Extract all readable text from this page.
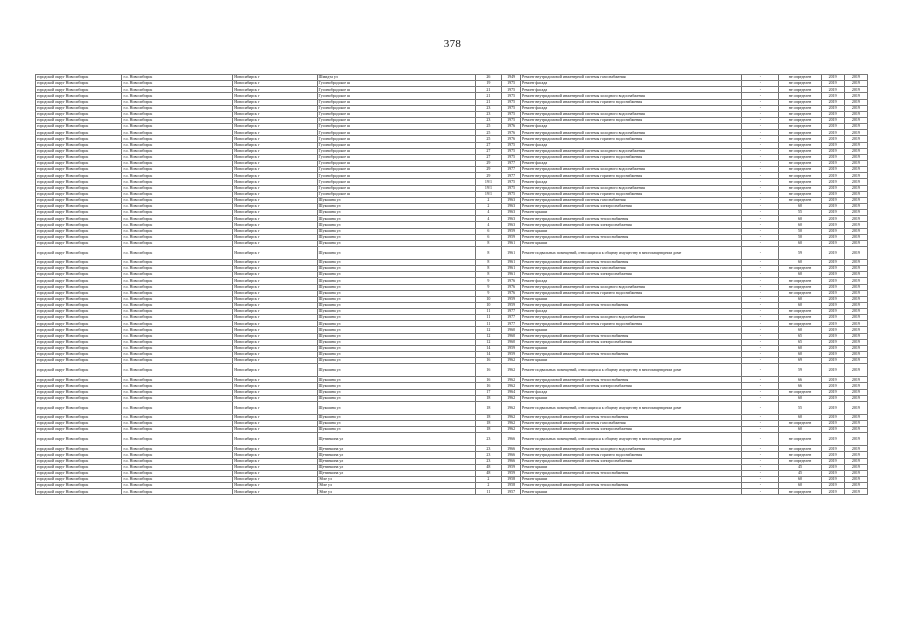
378
городской округ Новосибирск	г.о. Новосибирск	Новосибирск г	Шмидта ул	26	1949	Ремонт внутридомовой инженерной системы газоснабжения	-	не определен	2019	2019
городской округ Новосибирск	г.о. Новосибирск	Новосибирск г	Гусинобродское ш	19	1975	Ремонт фасада	-	не определен	2019	2019
городской округ Новосибирск	г.о. Новосибирск	Новосибирск г	Гусинобродское ш	21	1975	Ремонт фасада	-	не определен	2019	2019
городской округ Новосибирск	г.о. Новосибирск	Новосибирск г	Гусинобродское ш	21	1975	Ремонт внутридомовой инженерной системы холодного водоснабжения	-	не определен	2019	2019
городской округ Новосибирск	г.о. Новосибирск	Новосибирск г	Гусинобродское ш	21	1975	Ремонт внутридомовой инженерной системы горячего водоснабжения	-	не определен	2019	2019
городской округ Новосибирск	г.о. Новосибирск	Новосибирск г	Гусинобродское ш	23	1975	Ремонт фасада	-	не определен	2019	2019
городской округ Новосибирск	г.о. Новосибирск	Новосибирск г	Гусинобродское ш	23	1975	Ремонт внутридомовой инженерной системы холодного водоснабжения	-	не определен	2019	2019
городской округ Новосибирск	г.о. Новосибирск	Новосибирск г	Гусинобродское ш	23	1975	Ремонт внутридомовой инженерной системы горячего водоснабжения	-	не определен	2019	2019
городской округ Новосибирск	г.о. Новосибирск	Новосибирск г	Гусинобродское ш	25	1976	Ремонт фасада	-	не определен	2019	2019
городской округ Новосибирск	г.о. Новосибирск	Новосибирск г	Гусинобродское ш	25	1976	Ремонт внутридомовой инженерной системы холодного водоснабжения	-	не определен	2019	2019
городской округ Новосибирск	г.о. Новосибирск	Новосибирск г	Гусинобродское ш	25	1976	Ремонт внутридомовой инженерной системы горячего водоснабжения	-	не определен	2019	2019
городской округ Новосибирск	г.о. Новосибирск	Новосибирск г	Гусинобродское ш	27	1975	Ремонт фасада	-	не определен	2019	2019
городской округ Новосибирск	г.о. Новосибирск	Новосибирск г	Гусинобродское ш	27	1975	Ремонт внутридомовой инженерной системы холодного водоснабжения	-	не определен	2019	2019
городской округ Новосибирск	г.о. Новосибирск	Новосибирск г	Гусинобродское ш	27	1975	Ремонт внутридомовой инженерной системы горячего водоснабжения	-	не определен	2019	2019
городской округ Новосибирск	г.о. Новосибирск	Новосибирск г	Гусинобродское ш	29	1977	Ремонт фасада	-	не определен	2019	2019
городской округ Новосибирск	г.о. Новосибирск	Новосибирск г	Гусинобродское ш	29	1977	Ремонт внутридомовой инженерной системы холодного водоснабжения	-	не определен	2019	2019
городской округ Новосибирск	г.о. Новосибирск	Новосибирск г	Гусинобродское ш	29	1977	Ремонт внутридомовой инженерной системы горячего водоснабжения	-	не определен	2019	2019
городской округ Новосибирск	г.о. Новосибирск	Новосибирск г	Гусинобродское ш	19/1	1975	Ремонт фасада	-	не определен	2019	2019
городской округ Новосибирск	г.о. Новосибирск	Новосибирск г	Гусинобродское ш	19/1	1975	Ремонт внутридомовой инженерной системы холодного водоснабжения	-	не определен	2019	2019
городской округ Новосибирск	г.о. Новосибирск	Новосибирск г	Гусинобродское ш	19/1	1975	Ремонт внутридомовой инженерной системы горячего водоснабжения	-	не определен	2019	2019
городской округ Новосибирск	г.о. Новосибирск	Новосибирск г	Шукшина ул	2	1963	Ремонт внутридомовой инженерной системы газоснабжения	-	не определен	2019	2019
городской округ Новосибирск	г.о. Новосибирск	Новосибирск г	Шукшина ул	2	1963	Ремонт внутридомовой инженерной системы электроснабжения	-	60	2019	2019
городской округ Новосибирск	г.о. Новосибирск	Новосибирск г	Шукшина ул	4	1963	Ремонт крыши	-	55	2019	2019
городской округ Новосибирск	г.о. Новосибирск	Новосибирск г	Шукшина ул	4	1963	Ремонт внутридомовой инженерной системы теплоснабжения	-	60	2019	2019
городской округ Новосибирск	г.о. Новосибирск	Новосибирск г	Шукшина ул	4	1963	Ремонт внутридомовой инженерной системы электроснабжения	-	60	2019	2019
городской округ Новосибирск	г.о. Новосибирск	Новосибирск г	Шукшина ул	6	1959	Ремонт крыши	-	50	2019	2019
городской округ Новосибирск	г.о. Новосибирск	Новосибирск г	Шукшина ул	6	1959	Ремонт внутридомовой инженерной системы теплоснабжения	-	50	2019	2019
городской округ Новосибирск	г.о. Новосибирск	Новосибирск г	Шукшина ул	8	1961	Ремонт крыши	-	60	2019	2019
городской округ Новосибирск	г.о. Новосибирск	Новосибирск г	Шукшина ул	8	1961	Ремонт подвальных помещений, относящихся к общему имуществу в многоквартирном доме	-	59	2019	2019
городской округ Новосибирск	г.о. Новосибирск	Новосибирск г	Шукшина ул	8	1961	Ремонт внутридомовой инженерной системы теплоснабжения	-	60	2019	2019
городской округ Новосибирск	г.о. Новосибирск	Новосибирск г	Шукшина ул	8	1961	Ремонт внутридомовой инженерной системы газоснабжения	-	не определен	2019	2019
городской округ Новосибирск	г.о. Новосибирск	Новосибирск г	Шукшина ул	8	1961	Ремонт внутридомовой инженерной системы электроснабжения	-	60	2019	2019
городской округ Новосибирск	г.о. Новосибирск	Новосибирск г	Шукшина ул	9	1976	Ремонт фасада	-	не определен	2019	2019
городской округ Новосибирск	г.о. Новосибирск	Новосибирск г	Шукшина ул	9	1976	Ремонт внутридомовой инженерной системы холодного водоснабжения	-	не определен	2019	2019
городской округ Новосибирск	г.о. Новосибирск	Новосибирск г	Шукшина ул	9	1976	Ремонт внутридомовой инженерной системы горячего водоснабжения	-	не определен	2019	2019
городской округ Новосибирск	г.о. Новосибирск	Новосибирск г	Шукшина ул	10	1959	Ремонт крыши	-	60	2019	2019
городской округ Новосибирск	г.о. Новосибирск	Новосибирск г	Шукшина ул	10	1959	Ремонт внутридомовой инженерной системы теплоснабжения	-	60	2019	2019
городской округ Новосибирск	г.о. Новосибирск	Новосибирск г	Шукшина ул	11	1977	Ремонт фасада	-	не определен	2019	2019
городской округ Новосибирск	г.о. Новосибирск	Новосибирск г	Шукшина ул	11	1977	Ремонт внутридомовой инженерной системы холодного водоснабжения	-	не определен	2019	2019
городской округ Новосибирск	г.о. Новосибирск	Новосибирск г	Шукшина ул	11	1977	Ремонт внутридомовой инженерной системы горячего водоснабжения	-	не определен	2019	2019
городской округ Новосибирск	г.о. Новосибирск	Новосибирск г	Шукшина ул	12	1960	Ремонт крыши	-	60	2019	2019
городской округ Новосибирск	г.о. Новосибирск	Новосибирск г	Шукшина ул	12	1960	Ремонт внутридомовой инженерной системы теплоснабжения	-	65	2019	2019
городской округ Новосибирск	г.о. Новосибирск	Новосибирск г	Шукшина ул	12	1960	Ремонт внутридомовой инженерной системы электроснабжения	-	65	2019	2019
городской округ Новосибирск	г.о. Новосибирск	Новосибирск г	Шукшина ул	14	1959	Ремонт крыши	-	60	2019	2019
городской округ Новосибирск	г.о. Новосибирск	Новосибирск г	Шукшина ул	14	1959	Ремонт внутридомовой инженерной системы теплоснабжения	-	60	2019	2019
городской округ Новосибирск	г.о. Новосибирск	Новосибирск г	Шукшина ул	16	1962	Ремонт крыши	-	69	2019	2019
городской округ Новосибирск	г.о. Новосибирск	Новосибирск г	Шукшина ул	16	1962	Ремонт подвальных помещений, относящихся к общему имуществу в многоквартирном доме	-	59	2019	2019
городской округ Новосибирск	г.о. Новосибирск	Новосибирск г	Шукшина ул	16	1962	Ремонт внутридомовой инженерной системы теплоснабжения	-	66	2019	2019
городской округ Новосибирск	г.о. Новосибирск	Новосибирск г	Шукшина ул	16	1962	Ремонт внутридомовой инженерной системы электроснабжения	-	66	2019	2019
городской округ Новосибирск	г.о. Новосибирск	Новосибирск г	Шукшина ул	17	1964	Ремонт фасада	-	не определен	2019	2019
городской округ Новосибирск	г.о. Новосибирск	Новосибирск г	Шукшина ул	18	1962	Ремонт крыши	-	60	2019	2019
городской округ Новосибирск	г.о. Новосибирск	Новосибирск г	Шукшина ул	18	1962	Ремонт подвальных помещений, относящихся к общему имуществу в многоквартирном доме	-	55	2019	2019
городской округ Новосибирск	г.о. Новосибирск	Новосибирск г	Шукшина ул	18	1962	Ремонт внутридомовой инженерной системы теплоснабжения	-	60	2019	2019
городской округ Новосибирск	г.о. Новосибирск	Новосибирск г	Шукшина ул	18	1962	Ремонт внутридомовой инженерной системы газоснабжения	-	не определен	2019	2019
городской округ Новосибирск	г.о. Новосибирск	Новосибирск г	Шукшина ул	18	1962	Ремонт внутридомовой инженерной системы электроснабжения	-	60	2019	2019
городской округ Новосибирск	г.о. Новосибирск	Новосибирск г	Щетинкина ул	23	1966	Ремонт подвальных помещений, относящихся к общему имуществу в многоквартирном доме	-	не определен	2019	2019
городской округ Новосибирск	г.о. Новосибирск	Новосибирск г	Щетинкина ул	23	1966	Ремонт внутридомовой инженерной системы холодного водоснабжения	-	не определен	2019	2019
городской округ Новосибирск	г.о. Новосибирск	Новосибирск г	Щетинкина ул	23	1966	Ремонт внутридомовой инженерной системы горячего водоснабжения	-	не определен	2019	2019
городской округ Новосибирск	г.о. Новосибирск	Новосибирск г	Щетинкина ул	23	1966	Ремонт внутридомовой инженерной системы электроснабжения	-	не определен	2019	2019
городской округ Новосибирск	г.о. Новосибирск	Новосибирск г	Щетинкина ул	48	1959	Ремонт крыши	-	45	2019	2019
городской округ Новосибирск	г.о. Новосибирск	Новосибирск г	Щетинкина ул	48	1959	Ремонт внутридомовой инженерной системы теплоснабжения	-	45	2019	2019
городской округ Новосибирск	г.о. Новосибирск	Новосибирск г	Эйхе ул	2	1958	Ремонт крыши	-	60	2019	2019
городской округ Новосибирск	г.о. Новосибирск	Новосибирск г	Эйхе ул	2	1958	Ремонт внутридомовой инженерной системы теплоснабжения	-	60	2019	2019
городской округ Новосибирск	г.о. Новосибирск	Новосибирск г	Эйхе ул	11	1957	Ремонт крыши	-	не определен	2019	2019
